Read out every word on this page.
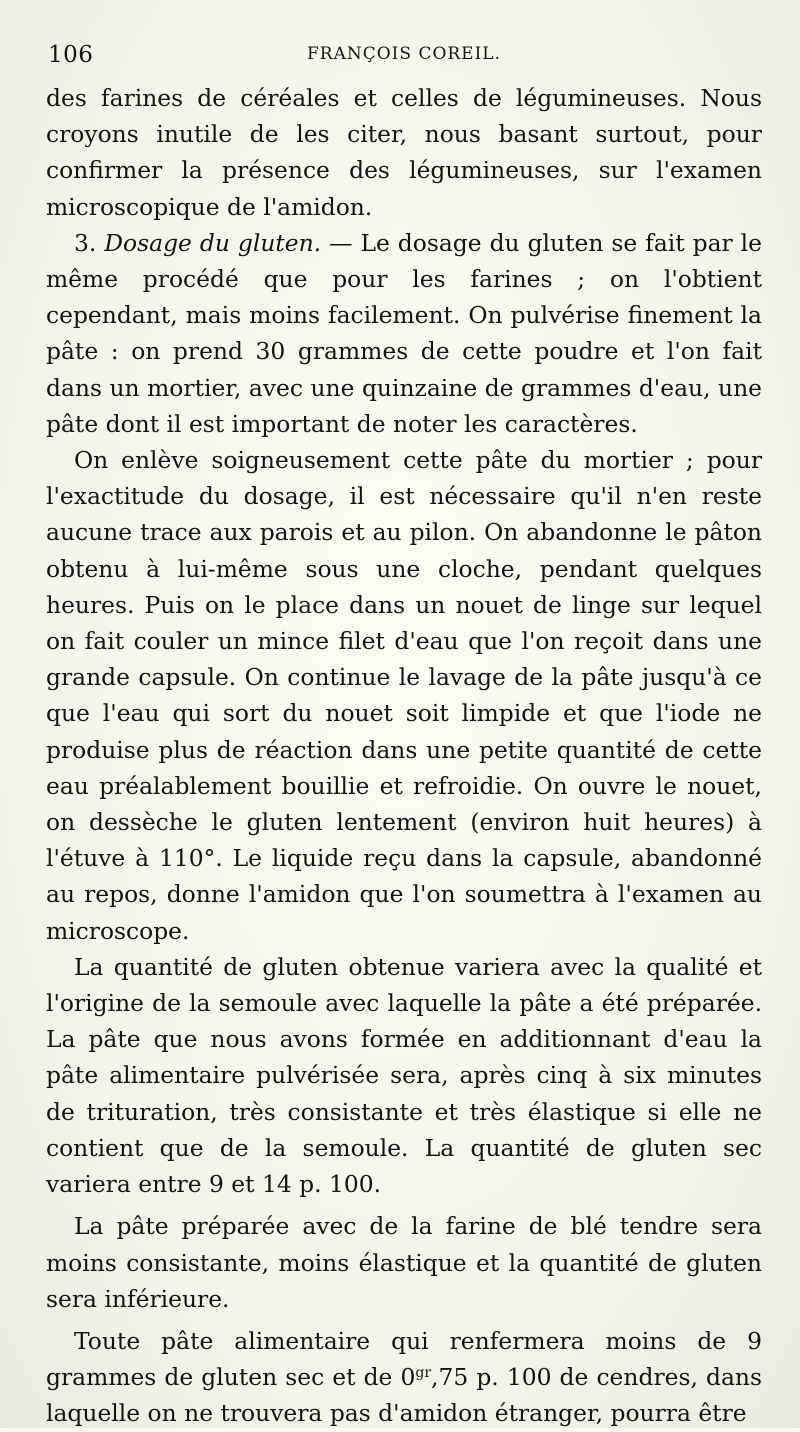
106	FRANÇOIS COREIL.

des farines de céréales et celles de légumineuses. Nous croyons inutile de les citer, nous basant surtout, pour confirmer la présence des légumineuses, sur l'examen microscopique de l'amidon.

3. Dosage du gluten. — Le dosage du gluten se fait par le même procédé que pour les farines ; on l'obtient cependant, mais moins facilement. On pulvérise finement la pâte : on prend 30 grammes de cette poudre et l'on fait dans un mortier, avec une quinzaine de grammes d'eau, une pâte dont il est important de noter les caractères.

On enlève soigneusement cette pâte du mortier ; pour l'exactitude du dosage, il est nécessaire qu'il n'en reste aucune trace aux parois et au pilon. On abandonne le pâton obtenu à lui-même sous une cloche, pendant quelques heures. Puis on le place dans un nouet de linge sur lequel on fait couler un mince filet d'eau que l'on reçoit dans une grande capsule. On continue le lavage de la pâte jusqu'à ce que l'eau qui sort du nouet soit limpide et que l'iode ne produise plus de réaction dans une petite quantité de cette eau préalablement bouillie et refroidie. On ouvre le nouet, on dessèche le gluten lentement (environ huit heures) à l'étuve à 110°. Le liquide reçu dans la capsule, abandonné au repos, donne l'amidon que l'on soumettra à l'examen au microscope.

La quantité de gluten obtenue variera avec la qualité et l'origine de la semoule avec laquelle la pâte a été préparée. La pâte que nous avons formée en additionnant d'eau la pâte alimentaire pulvérisée sera, après cinq à six minutes de trituration, très consistante et très élastique si elle ne contient que de la semoule. La quantité de gluten sec variera entre 9 et 14 p. 100.

La pâte préparée avec de la farine de blé tendre sera moins consistante, moins élastique et la quantité de gluten sera inférieure.

Toute pâte alimentaire qui renfermera moins de 9 grammes de gluten sec et de $0^{gr},75$ p. 100 de cendres, dans laquelle on ne trouvera pas d'amidon étranger, pourra être
